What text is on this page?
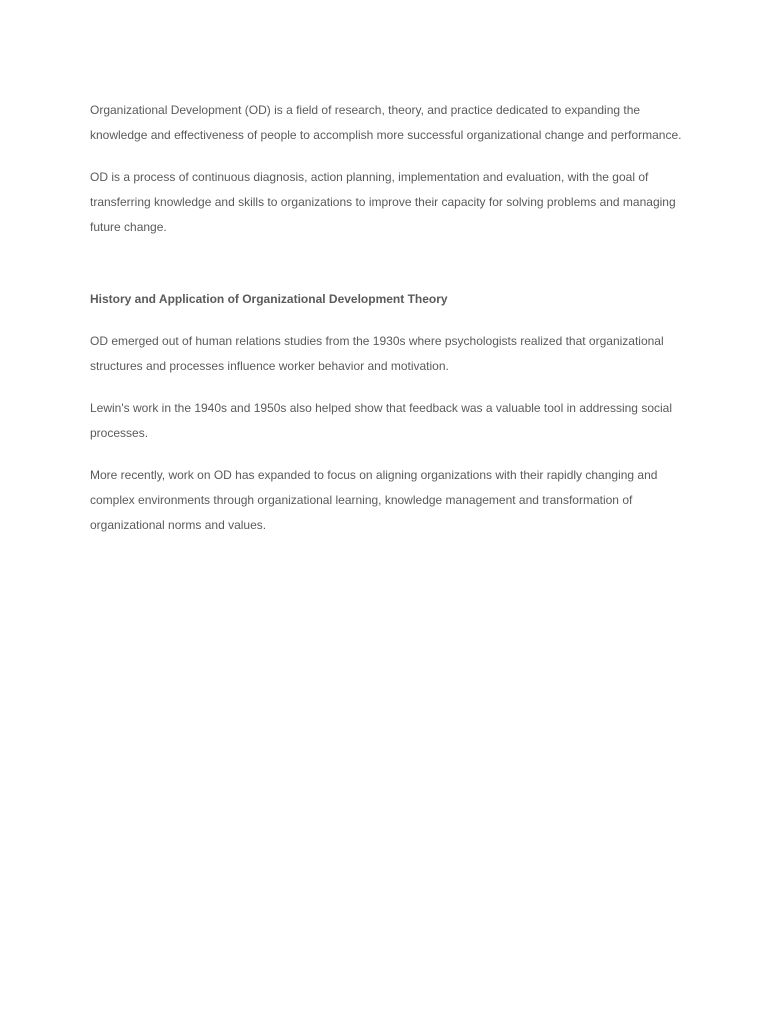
Organizational Development (OD) is a field of research, theory, and practice dedicated to expanding the knowledge and effectiveness of people to accomplish more successful organizational change and performance.

OD is a process of continuous diagnosis, action planning, implementation and evaluation, with the goal of transferring knowledge and skills to organizations to improve their capacity for solving problems and managing future change.

History and Application of Organizational Development Theory

OD emerged out of human relations studies from the 1930s where psychologists realized that organizational structures and processes influence worker behavior and motivation.

Lewin's work in the 1940s and 1950s also helped show that feedback was a valuable tool in addressing social processes.

More recently, work on OD has expanded to focus on aligning organizations with their rapidly changing and complex environments through organizational learning, knowledge management and transformation of organizational norms and values.
